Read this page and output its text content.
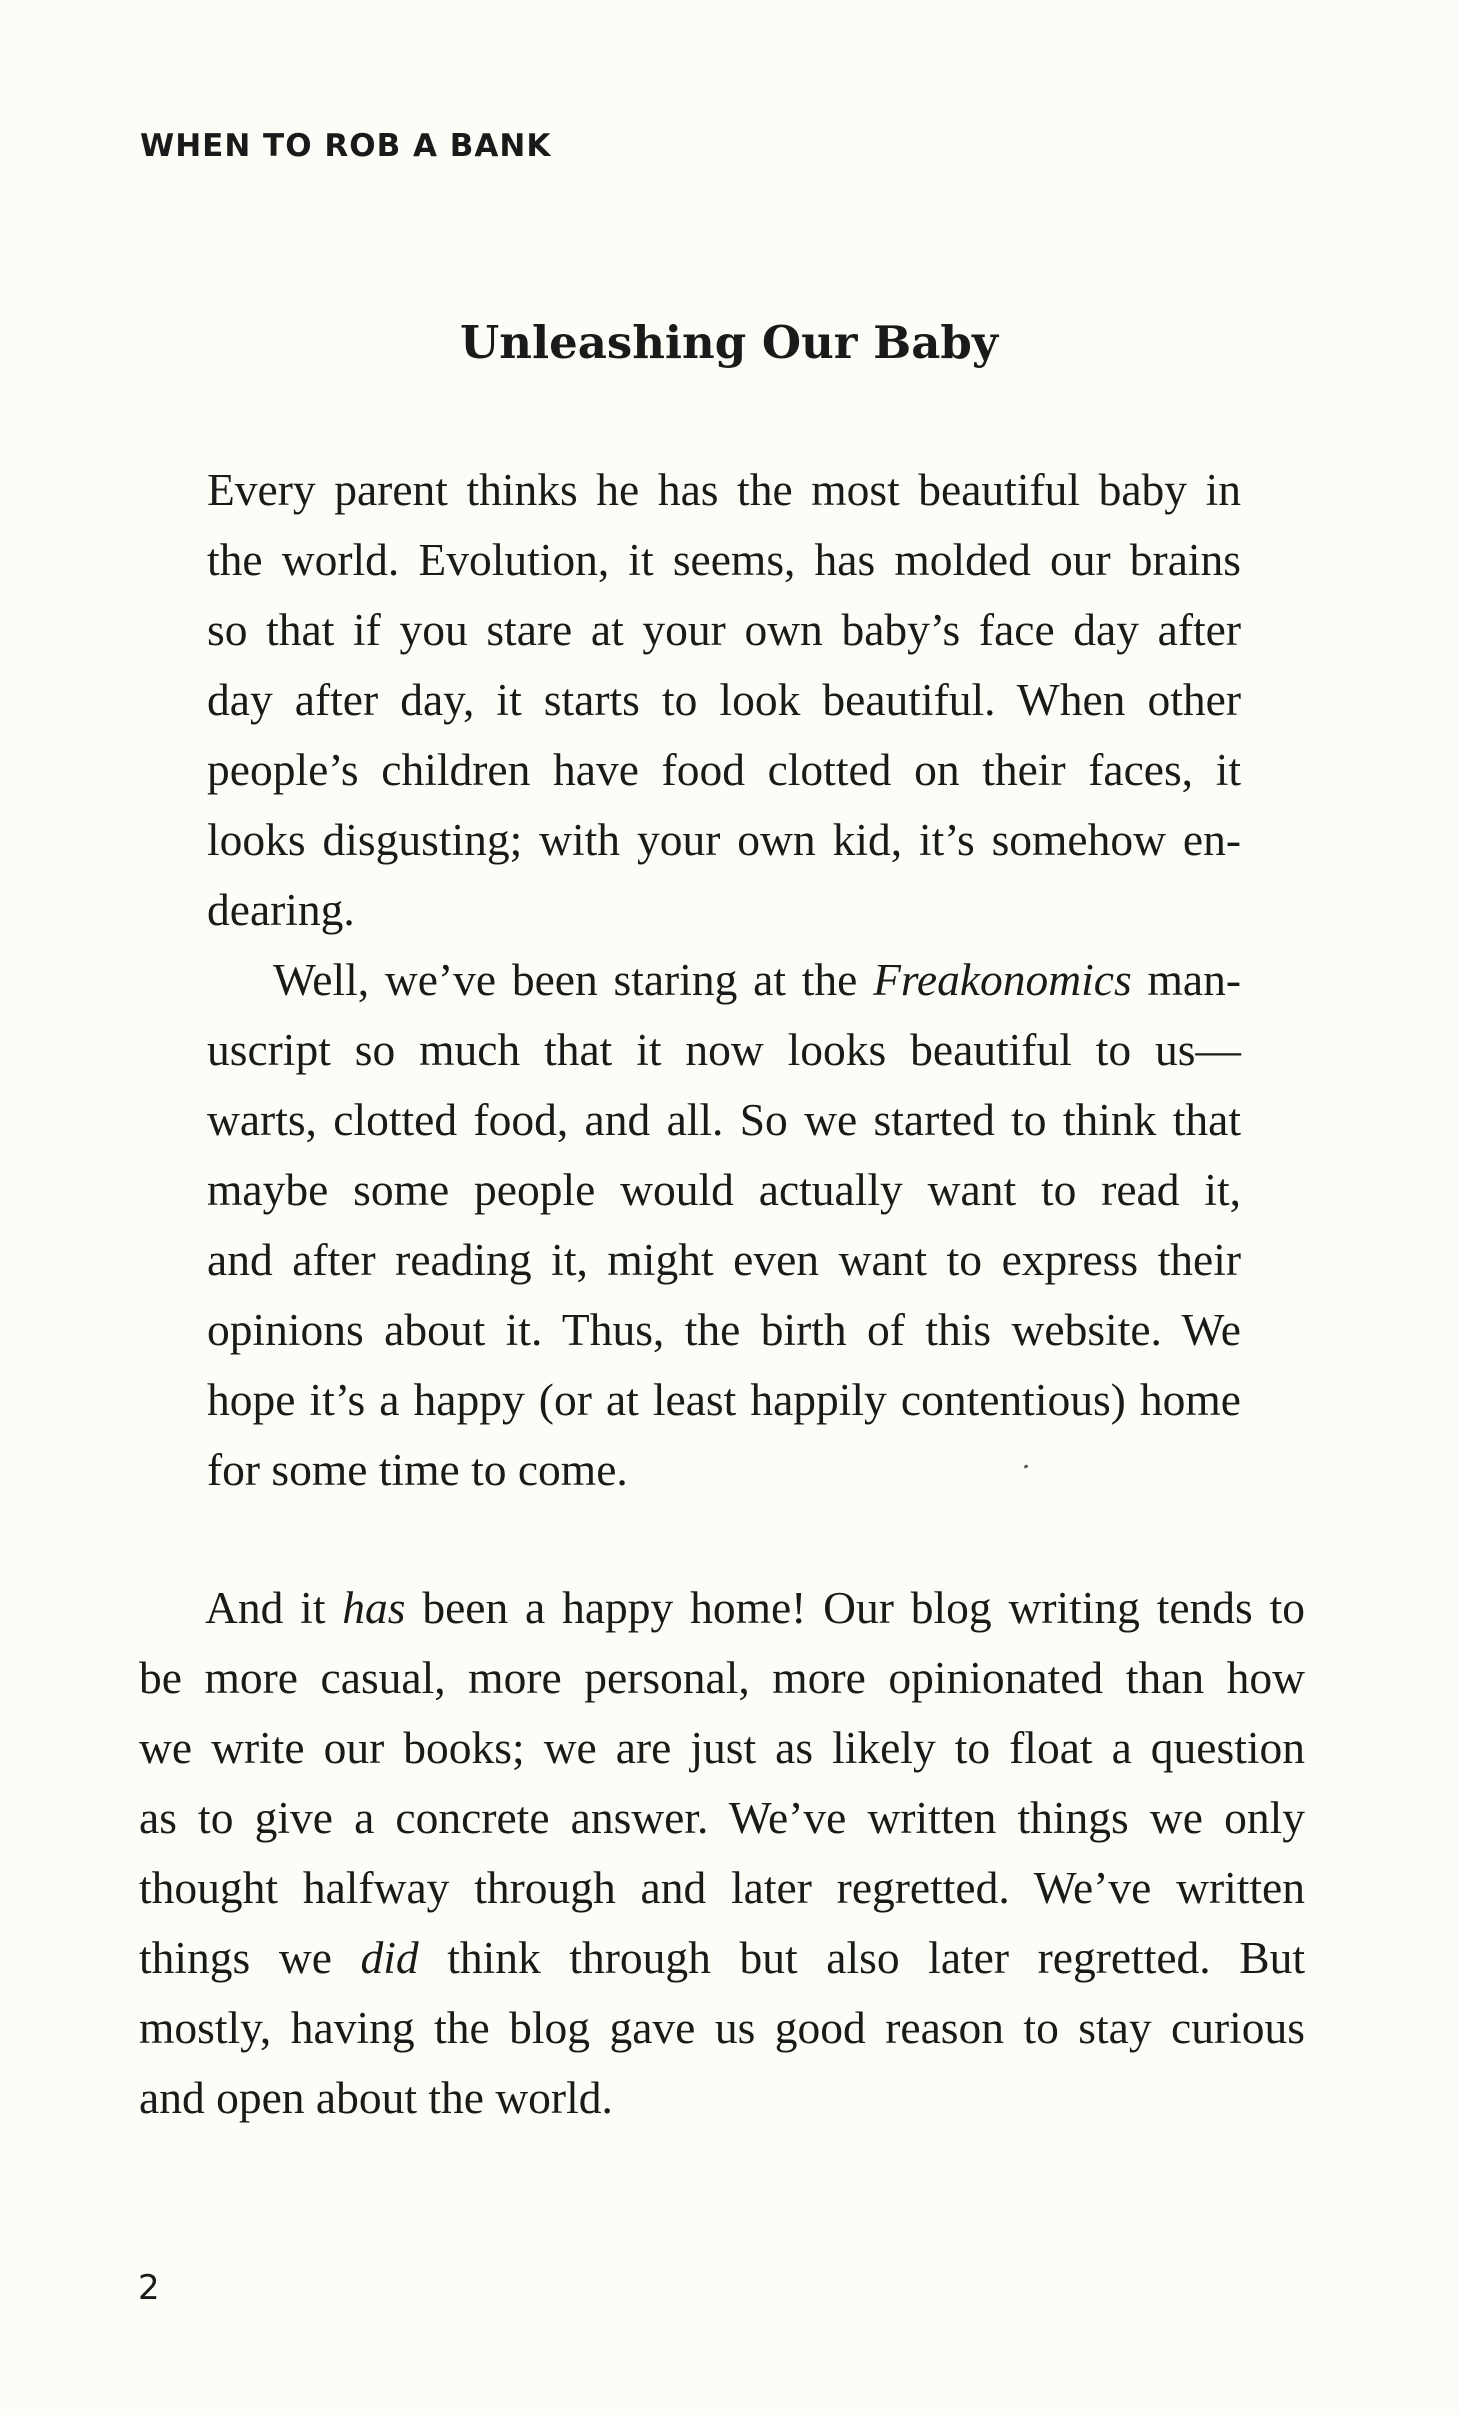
WHEN TO ROB A BANK
Unleashing Our Baby
Every parent thinks he has the most beautiful baby in
the world. Evolution, it seems, has molded our brains
so that if you stare at your own baby’s face day after
day after day, it starts to look beautiful. When other
people’s children have food clotted on their faces, it
looks disgusting; with your own kid, it’s somehow en-
dearing.
Well, we’ve been staring at the Freakonomics man-
uscript so much that it now looks beautiful to us—
warts, clotted food, and all. So we started to think that
maybe some people would actually want to read it,
and after reading it, might even want to express their
opinions about it. Thus, the birth of this website. We
hope it’s a happy (or at least happily contentious) home
for some time to come.
And it has been a happy home! Our blog writing tends to
be more casual, more personal, more opinionated than how
we write our books; we are just as likely to float a question
as to give a concrete answer. We’ve written things we only
thought halfway through and later regretted. We’ve written
things we did think through but also later regretted. But
mostly, having the blog gave us good reason to stay curious
and open about the world.
2
